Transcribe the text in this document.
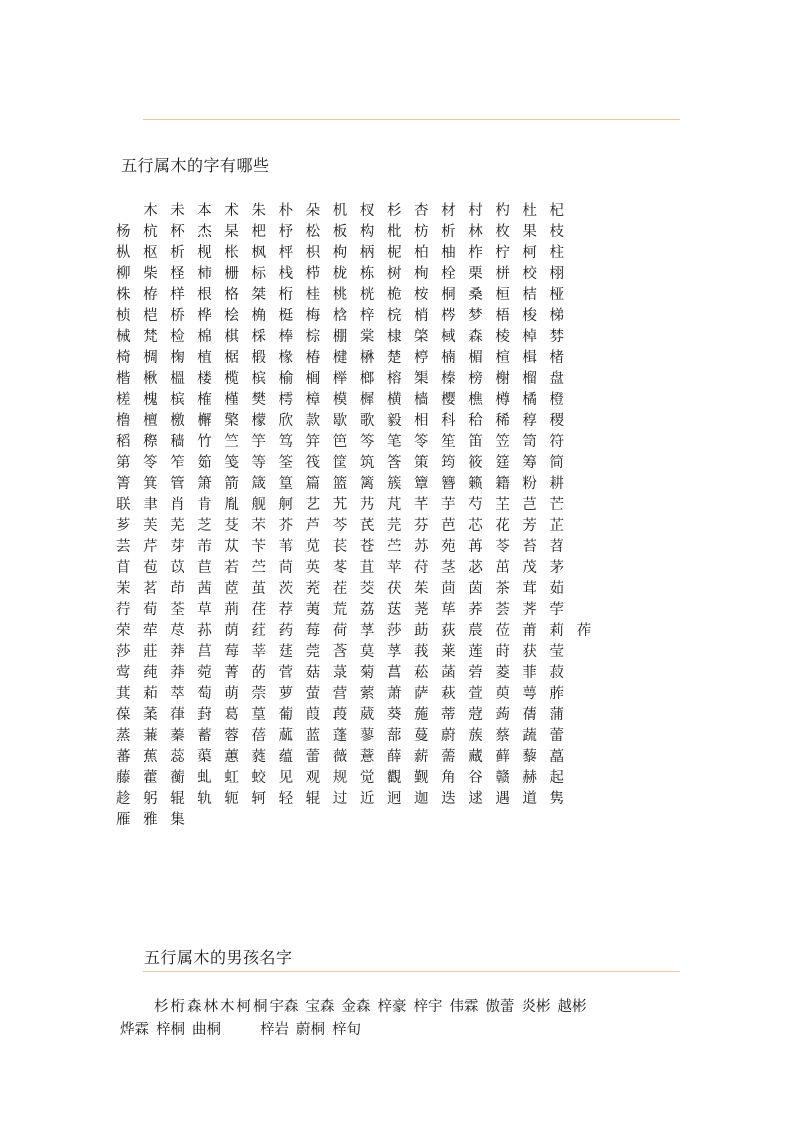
五行属木的字有哪些
木 未 本 术 朱 朴 朵 机 杈 杉 杏 材 村 杓 杜 杞
杨 杭 杯 杰 杲 杷 杼 松 板 构 枇 枋 析 林 枚 果 枝
枞 枢 析 枧 枨 枫 枰 枳 枸 柄 柅 柏 柚 柞 柠 柯 柱
柳 柴 柽 柿 栅 标 栈 栉 栊 栋 树 栒 栓 栗 栟 校 栩
株 栫 样 根 格 桀 桁 桂 桃 桄 桅 桉 桐 桑 桓 桔 桠
桢 桤 桥 桦 桧 桷 梃 梅 梒 梓 梡 梢 梣 梦 梧 梭 梯
械 梵 检 棉 棋 棌 棒 棕 棚 棠 棣 棨 棫 森 棱 棹 棼
椅 椆 椈 植 椐 椴 椽 椿 楗 楙 楚 楟 楠 楣 楦 楫 楮
楷 楸 榲 楼 榄 槟 榆 榈 榉 榔 榕 榘 榛 榜 榭 榴 盘
槎 槐 槟 榷 槿 樊 樗 樟 模 樨 横 樯 樱 樵 樽 橘 橙
橹 檀 檄 檞 檠 檬 欣 款 歇 歌 毅 相 科 秴 稀 稕 稷
稻 穄 穑 竹 竺 竽 笃 笄 笆 笒 笔 笭 笙 笛 笠 笥 符
第 笭 笮 筎 笺 等 筌 筏 筐 筑 筨 策 筠 筱 筳 筹 简
箐 箕 管 箫 箭 箴 篁 篇 篮 篱 簇 簟 簪 籁 籍 粉 耕
联 聿 肖 肯 胤 舰 舸 艺 艽 艿 芃 芊 芋 芍 芏 芑 芒
芗 芙 芜 芝 芟 芣 芥 芦 芩 芪 芫 芬 芭 芯 花 芳 芷
芸 芹 芽 芾 苁 苄 苇 苋 苌 苍 苎 苏 苑 苒 苓 苔 苕
苜 苞 苡 苣 若 苎 苘 英 苳 苴 苹 苻 茎 苾 茁 茂 茅
茉 茗 茚 茜 茝 茧 茨 茺 茬 茭 茯 茱 茴 茵 茶 茸 茹
荇 荀 荃 草 荊 荏 荐 荑 荒 荔 荙 荛 荜 荞 荟 荠 荢
荣 荦 荩 荪 荫 荭 药 莓 荷 莩 莎 莇 荻 莀 莅 莆 莉 莋
莎 莊 莽 莒 莓 莘 莛 莞 莟 莫 莩 莪 莱 莲 莳 获 莹
莺 莼 莽 菀 菁 菂 菅 菇 菉 菊 菖 菘 菡 菪 菱 菲 菽
萁 萂 萃 萄 萌 萗 萝 萤 营 萦 萧 萨 萩 萱 萸 萼 葄
葆 葇 葎 葑 葛 葟 葡 葭 葮 葳 葵 葹 蒂 蒄 蒟 蒨 蒲
蒸 蒹 蓁 蓄 蓉 蓓 蓏 蓝 蓬 蓼 蔀 蔓 蔚 蔟 蔡 蔬 蕾
蕃 蕉 蕊 蕖 蕙 蕤 蕴 蕾 薇 薏 薛 薪 薷 藏 藓 藜 藠
藤 藿 蘅 虬 虹 蛟 见 观 规 觉 觀 觐 角 谷 赣 赫 起
趁 躬 辊 轨 轭 轲 轻 辊 过 近 迥 迦 迭 逑 遇 道 隽
雁 雅 集
五行属木的男孩名字
杉 桁 森 林 木 柯 桐 宇森 宝森 金森 梓豪 梓宇 伟霖 傲蕾 炎彬 越彬
烨霖 梓桐 曲桐	梓岩 蔚桐 梓旬
